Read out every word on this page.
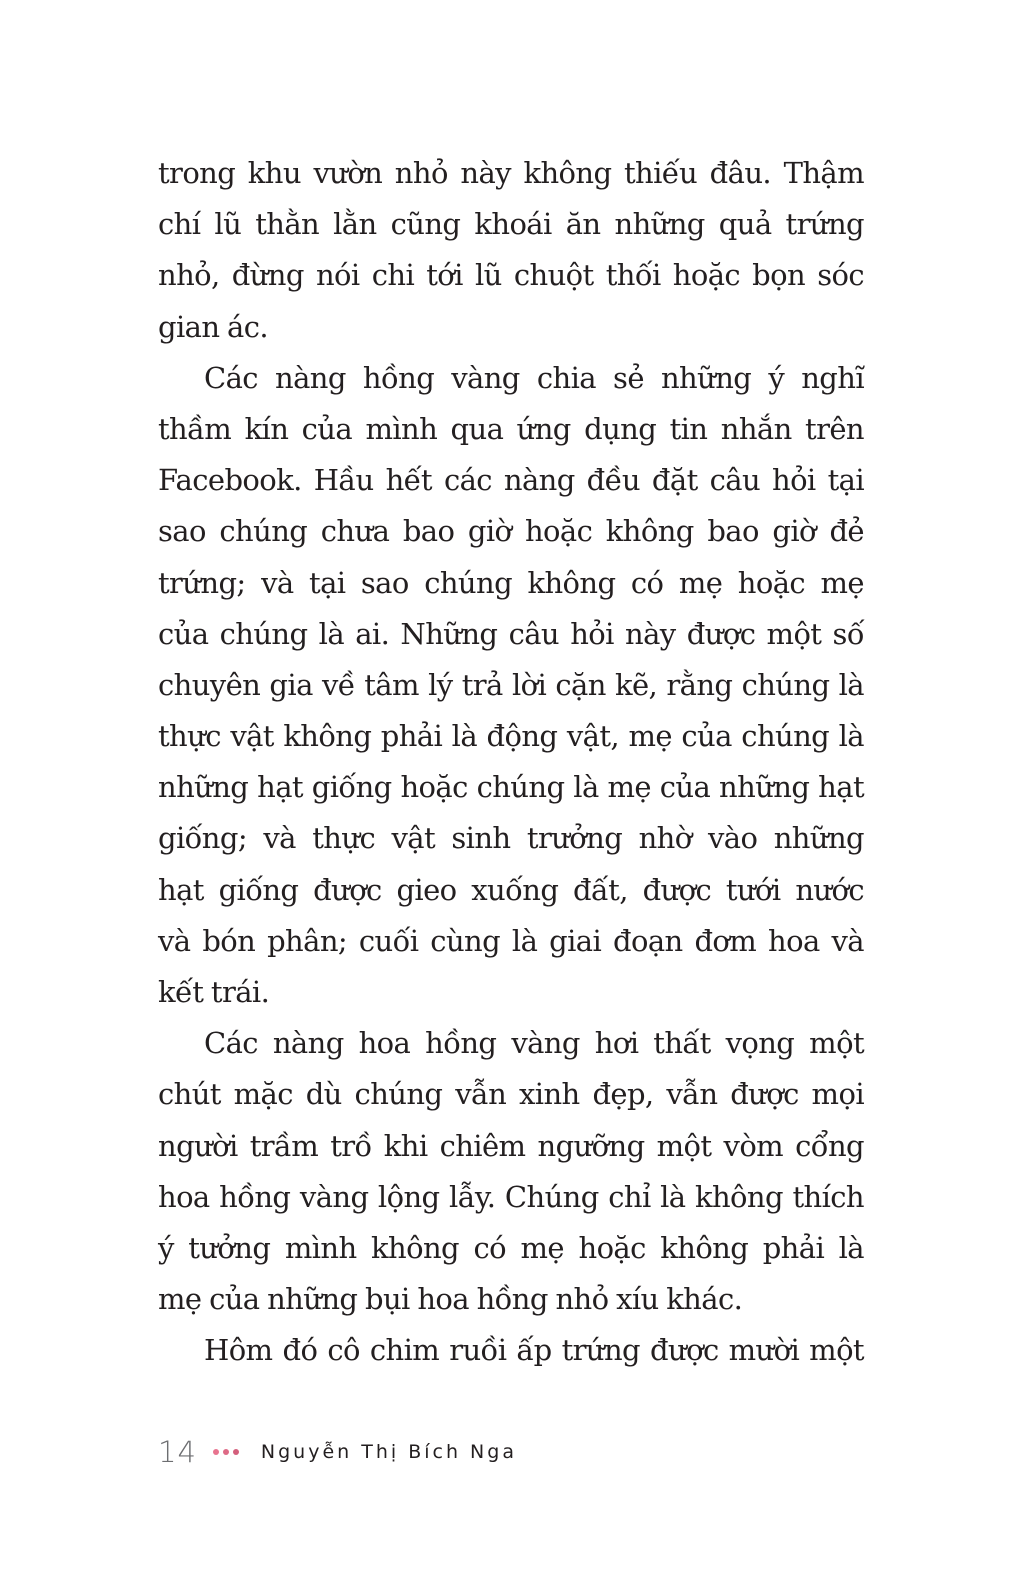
trong khu vườn nhỏ này không thiếu đâu. Thậm
chí lũ thằn lằn cũng khoái ăn những quả trứng
nhỏ, đừng nói chi tới lũ chuột thối hoặc bọn sóc
gian ác.
Các nàng hồng vàng chia sẻ những ý nghĩ
thầm kín của mình qua ứng dụng tin nhắn trên
Facebook. Hầu hết các nàng đều đặt câu hỏi tại
sao chúng chưa bao giờ hoặc không bao giờ đẻ
trứng; và tại sao chúng không có mẹ hoặc mẹ
của chúng là ai. Những câu hỏi này được một số
chuyên gia về tâm lý trả lời cặn kẽ, rằng chúng là
thực vật không phải là động vật, mẹ của chúng là
những hạt giống hoặc chúng là mẹ của những hạt
giống; và thực vật sinh trưởng nhờ vào những
hạt giống được gieo xuống đất, được tưới nước
và bón phân; cuối cùng là giai đoạn đơm hoa và
kết trái.
Các nàng hoa hồng vàng hơi thất vọng một
chút mặc dù chúng vẫn xinh đẹp, vẫn được mọi
người trầm trồ khi chiêm ngưỡng một vòm cổng
hoa hồng vàng lộng lẫy. Chúng chỉ là không thích
ý tưởng mình không có mẹ hoặc không phải là
mẹ của những bụi hoa hồng nhỏ xíu khác.
Hôm đó cô chim ruồi ấp trứng được mười một
14	Nguyễn Thị Bích Nga
